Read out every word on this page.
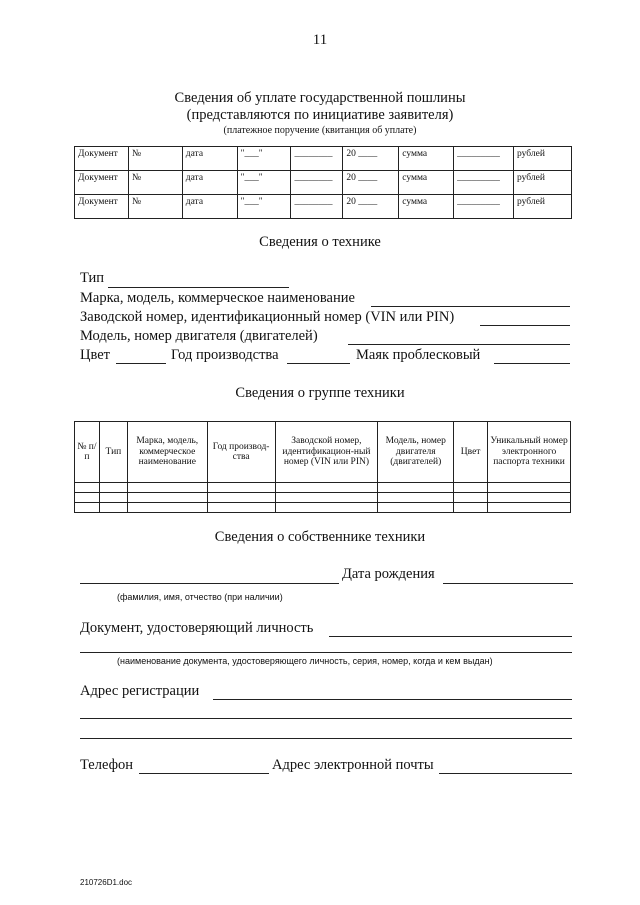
11
Сведения об уплате государственной пошлины
(представляются по инициативе заявителя)
(платежное поручение (квитанция об уплате)
Документ	№	дата	"___"	________	20 ____	сумма	_________	рублей
Документ	№	дата	"___"	________	20 ____	сумма	_________	рублей
Документ	№	дата	"___"	________	20 ____	сумма	_________	рублей
Сведения о технике
Тип
Марка, модель, коммерческое наименование
Заводской номер, идентификационный номер (VIN или PIN)
Модель, номер двигателя (двигателей)
Цвет	Год производства	Маяк проблесковый
Сведения о группе техники
№ п/п	Тип	Марка, модель, коммерческое наименование	Год производ-ства	Заводской номер, идентификацион-ный номер (VIN или PIN)	Модель, номер двигателя (двигателей)	Цвет	Уникальный номер электронного паспорта техники

Сведения о собственнике техники
Дата рождения
(фамилия, имя, отчество (при наличии)
Документ, удостоверяющий личность
(наименование документа, удостоверяющего личность, серия, номер, когда и кем выдан)
Адрес регистрации
Телефон	Адрес электронной почты
210726D1.doc
